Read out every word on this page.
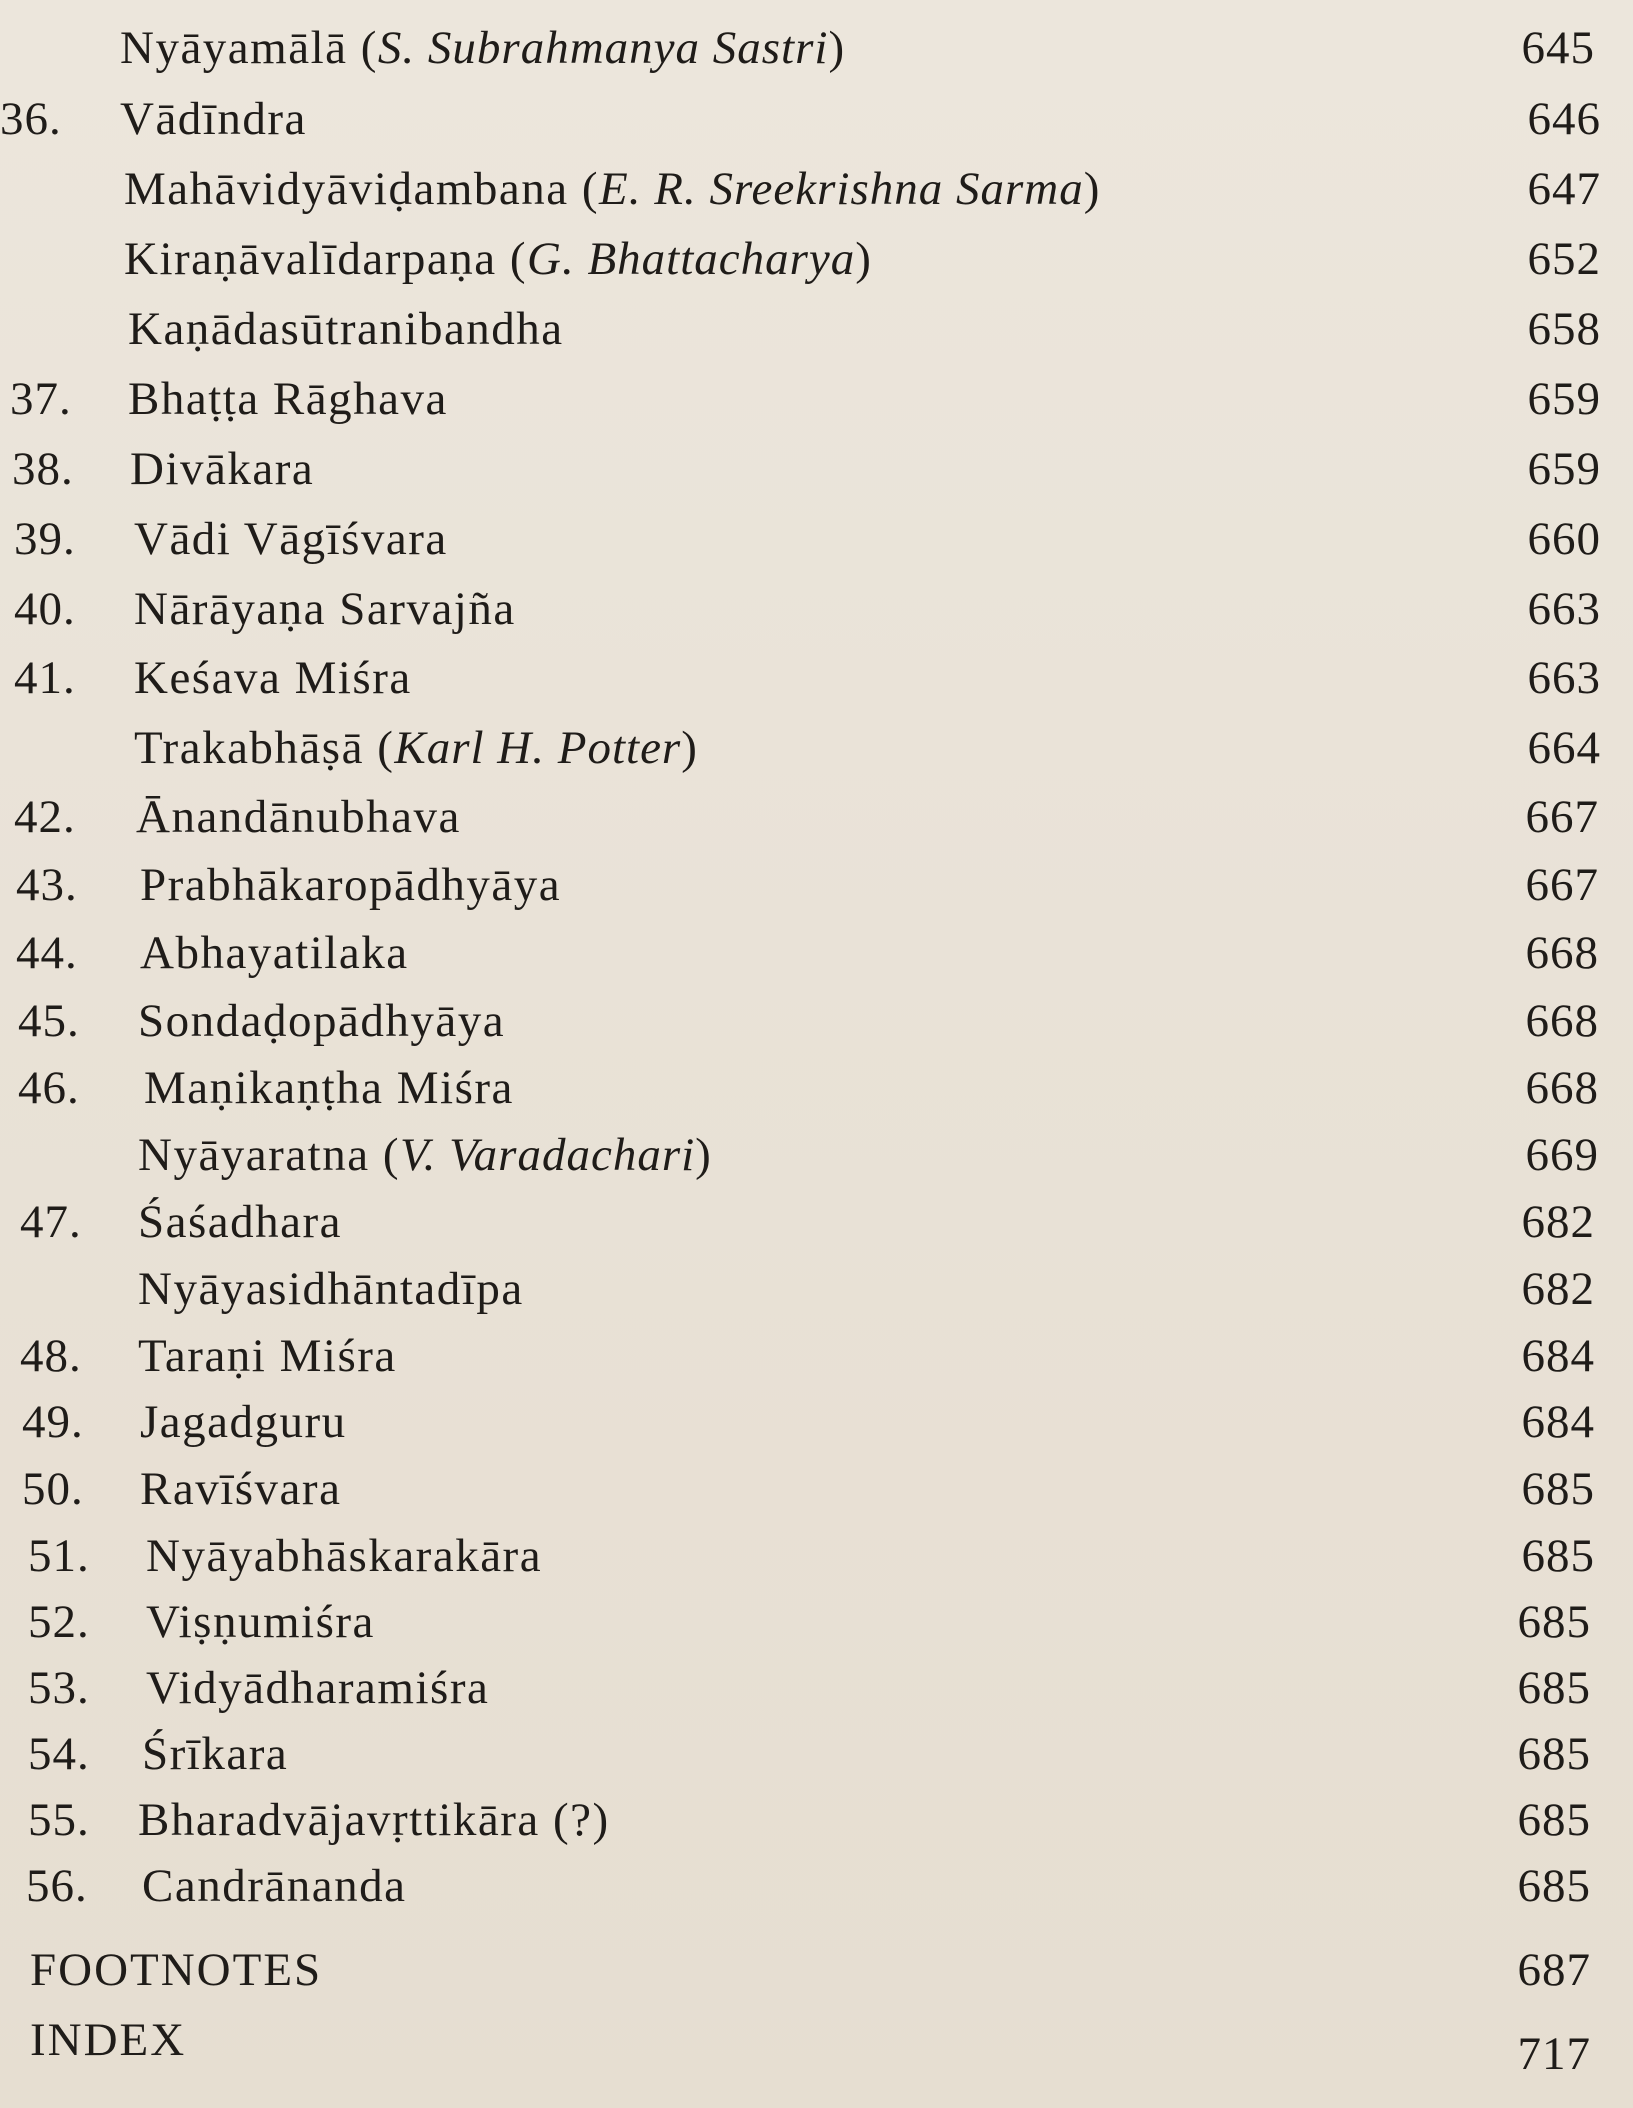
Nyāyamālā (S. Subrahmanya Sastri)	645
36. Vādīndra	646
Mahāvidyāviḍambana (E. R. Sreekrishna Sarma)	647
Kiraṇāvalīdarpaṇa (G. Bhattacharya)	652
Kaṇādasūtranibandha	658
37. Bhaṭṭa Rāghava	659
38. Divākara	659
39. Vādi Vāgīśvara	660
40. Nārāyaṇa Sarvajña	663
41. Keśava Miśra	663
Trakabhāṣā (Karl H. Potter)	664
42. Ānandānubhava	667
43. Prabhākaropādhyāya	667
44. Abhayatilaka	668
45. Sondaḍopādhyāya	668
46. Maṇikaṇṭha Miśra	668
Nyāyaratna (V. Varadachari)	669
47. Śaśadhara	682
Nyāyasidhāntadīpa	682
48. Taraṇi Miśra	684
49. Jagadguru	684
50. Ravīśvara	685
51. Nyāyabhāskarakāra	685
52. Viṣṇumiśra	685
53. Vidyādharamiśra	685
54. Śrīkara	685
55. Bharadvājavṛttikāra (?)	685
56. Candrānanda	685
FOOTNOTES	687
INDEX	717
